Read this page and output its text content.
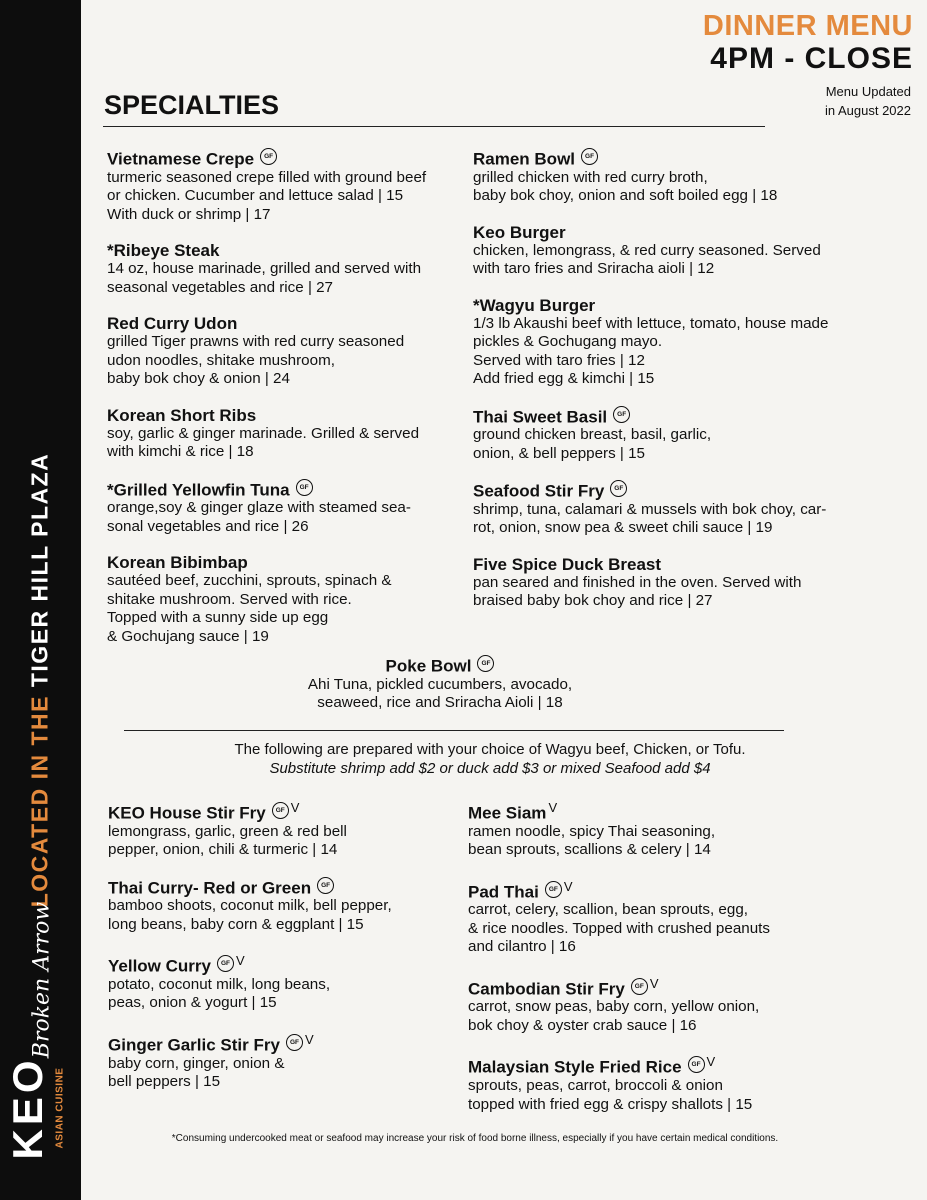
LOCATED IN THE TIGER HILL PLAZA
Broken Arrow
ASIAN CUISINE
KEO
DINNER MENU
4PM - CLOSE
Menu Updated
in August 2022
SPECIALTIES
Vietnamese Crepe GF
turmeric seasoned crepe filled with ground beef
or chicken. Cucumber and lettuce salad | 15
With duck or shrimp | 17
*Ribeye Steak
14 oz, house marinade, grilled and served with
seasonal vegetables and rice | 27
Red Curry Udon
grilled Tiger prawns with red curry seasoned
udon noodles, shitake mushroom,
baby bok choy & onion | 24
Korean Short Ribs
soy, garlic & ginger marinade. Grilled & served
with kimchi & rice | 18
*Grilled Yellowfin Tuna GF
orange,soy & ginger glaze with steamed sea-
sonal vegetables and rice | 26
Korean Bibimbap
sautéed beef, zucchini, sprouts, spinach &
shitake mushroom. Served with rice.
Topped with a sunny side up egg
& Gochujang sauce | 19
Ramen Bowl GF
grilled chicken with red curry broth,
baby bok choy, onion and soft boiled egg | 18
Keo Burger
chicken, lemongrass, & red curry seasoned. Served
with taro fries and Sriracha aioli | 12
*Wagyu Burger
1/3 lb Akaushi beef with lettuce, tomato, house made
pickles & Gochugang mayo.
Served with taro fries | 12
Add fried egg & kimchi | 15
Thai Sweet Basil GF
ground chicken breast, basil, garlic,
onion, & bell peppers | 15
Seafood Stir Fry GF
shrimp, tuna, calamari & mussels with bok choy, car-
rot, onion, snow pea & sweet chili sauce | 19
Five Spice Duck Breast
pan seared and finished in the oven. Served with
braised baby bok choy and rice | 27
Poke Bowl GF
Ahi Tuna, pickled cucumbers, avocado,
seaweed, rice and Sriracha Aioli | 18
The following are prepared with your choice of Wagyu beef, Chicken, or Tofu.
Substitute shrimp add $2 or duck add $3 or mixed Seafood add $4
KEO House Stir Fry GF V
lemongrass, garlic, green & red bell
pepper, onion, chili & turmeric | 14
Thai Curry- Red or Green GF
bamboo shoots, coconut milk, bell pepper,
long beans, baby corn & eggplant | 15
Yellow Curry GF V
potato, coconut milk, long beans,
peas, onion & yogurt | 15
Ginger Garlic Stir Fry GF V
baby corn, ginger, onion &
bell peppers | 15
Mee Siam V
ramen noodle, spicy Thai seasoning,
bean sprouts, scallions & celery | 14
Pad Thai GF V
carrot, celery, scallion, bean sprouts, egg,
& rice noodles. Topped with crushed peanuts
and cilantro | 16
Cambodian Stir Fry GF V
carrot, snow peas, baby corn, yellow onion,
bok choy & oyster crab sauce | 16
Malaysian Style Fried Rice GF V
sprouts, peas, carrot, broccoli & onion
topped with fried egg & crispy shallots | 15
*Consuming undercooked meat or seafood may increase your risk of food borne illness, especially if you have certain medical conditions.
